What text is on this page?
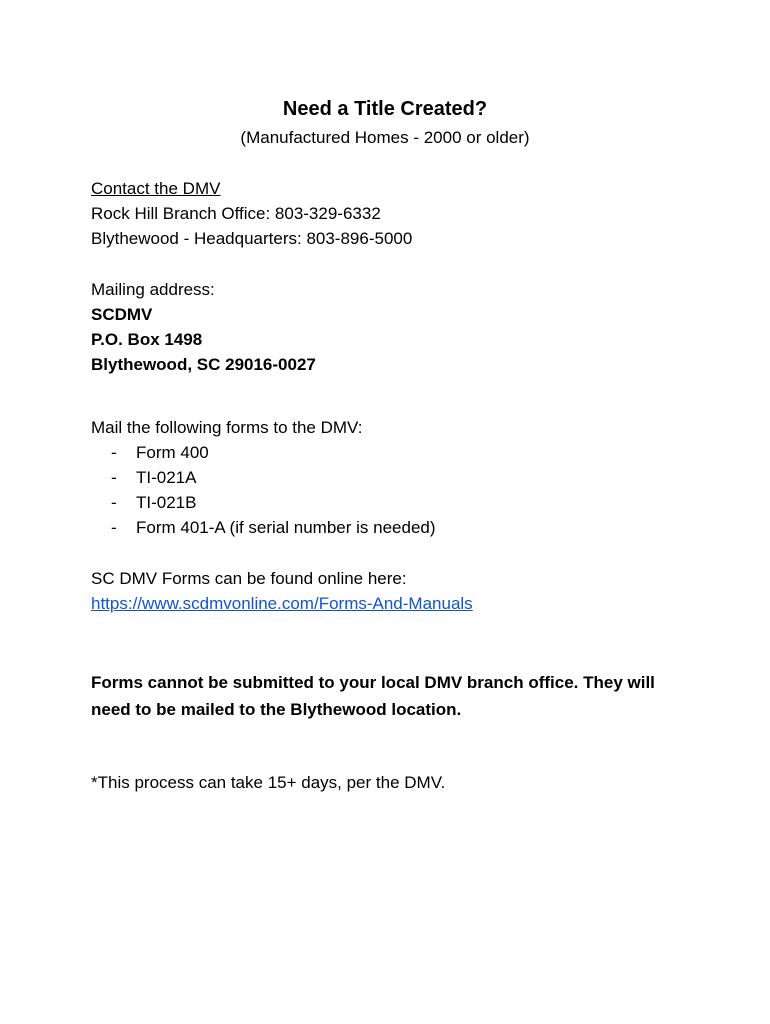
Need a Title Created?
(Manufactured Homes - 2000 or older)
Contact the DMV
Rock Hill Branch Office: 803-329-6332
Blythewood - Headquarters: 803-896-5000
Mailing address:
SCDMV
P.O. Box 1498
Blythewood, SC 29016-0027
Mail the following forms to the DMV:
- Form 400
- TI-021A
- TI-021B
- Form 401-A (if serial number is needed)
SC DMV Forms can be found online here:
https://www.scdmvonline.com/Forms-And-Manuals
Forms cannot be submitted to your local DMV branch office. They will need to be mailed to the Blythewood location.
*This process can take 15+ days, per the DMV.
